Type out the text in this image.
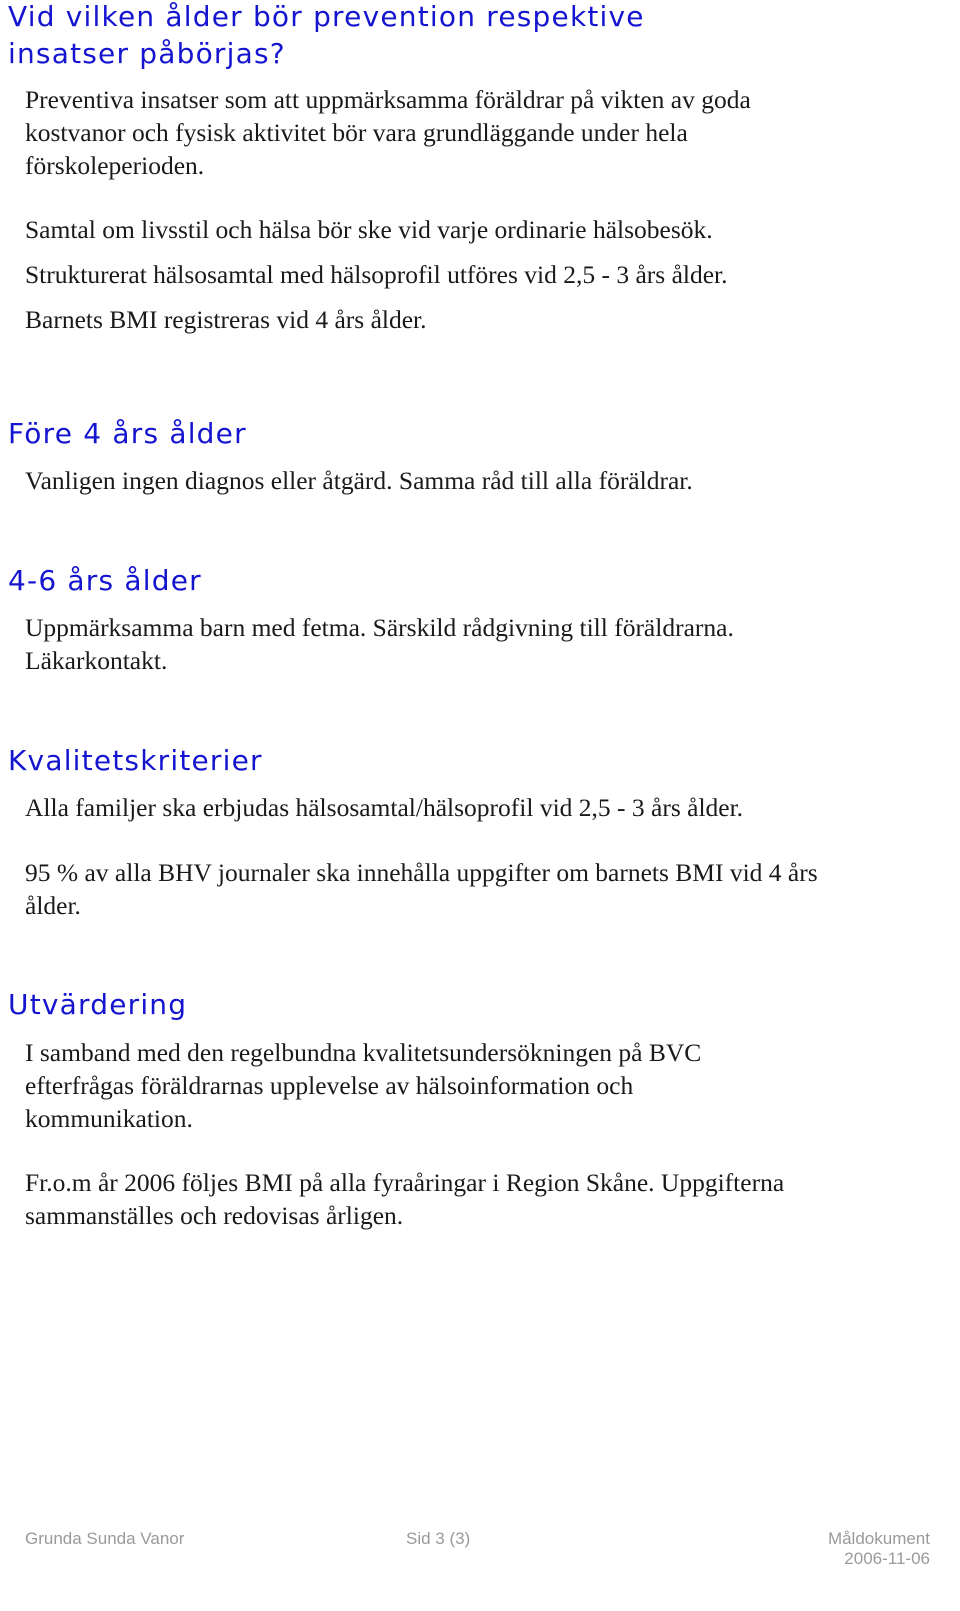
Vid vilken ålder bör prevention respektive insatser påbörjas?

Preventiva insatser som att uppmärksamma föräldrar på vikten av goda kostvanor och fysisk aktivitet bör vara grundläggande under hela förskoleperioden.

Samtal om livsstil och hälsa bör ske vid varje ordinarie hälsobesök.

Strukturerat hälsosamtal med hälsoprofil utföres vid 2,5 - 3 års ålder.

Barnets BMI registreras vid 4 års ålder.

Före 4 års ålder

Vanligen ingen diagnos eller åtgärd. Samma råd till alla föräldrar.

4-6 års ålder

Uppmärksamma barn med fetma. Särskild rådgivning till föräldrarna. Läkarkontakt.

Kvalitetskriterier

Alla familjer ska erbjudas hälsosamtal/hälsoprofil vid 2,5 - 3 års ålder.

95 % av alla BHV journaler ska innehålla uppgifter om barnets BMI vid 4 års ålder.

Utvärdering

I samband med den regelbundna kvalitetsundersökningen på BVC efterfrågas föräldrarnas upplevelse av hälsoinformation och kommunikation.

Fr.o.m år 2006 följes BMI på alla fyraåringar i Region Skåne. Uppgifterna sammanställes och redovisas årligen.

Grunda Sunda Vanor	Sid 3 (3)	Måldokument
2006-11-06
